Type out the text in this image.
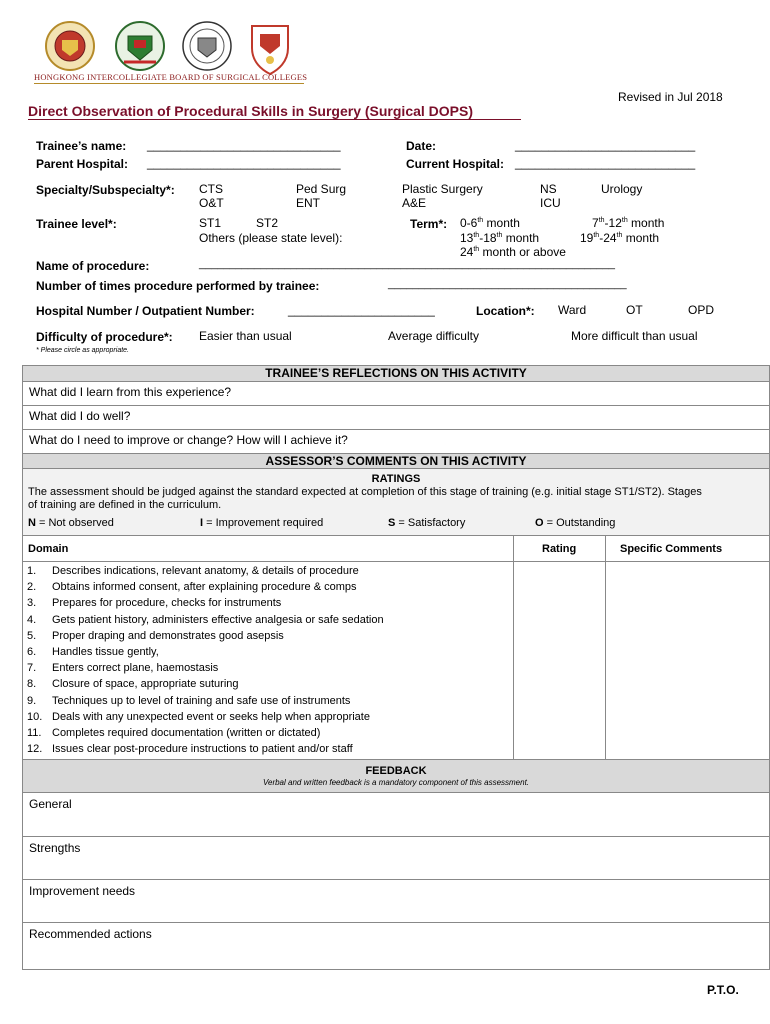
HONGKONG INTERCOLLEGIATE BOARD OF SURGICAL COLLEGES
Revised in Jul 2018
Direct Observation of Procedural Skills in Surgery (Surgical DOPS)
Trainee’s name: _____________________________	Date:	___________________________
Parent Hospital: _____________________________	Current Hospital: ___________________________
Specialty/Subspecialty*: CTS	Ped Surg	Plastic Surgery	NS	Urology
O&T	ENT	A&E	ICU
Trainee level*:	ST1	ST2
Others (please state level):
Term*: 0-6th month	7th-12th month
13th-18th month	19th-24th month
24th month or above
Name of procedure:	____________________________________________________________________
Number of times procedure performed by trainee:	_______________________________________
Hospital Number / Outpatient Number:	______________________	Location*: Ward	OT	OPD
Difficulty of procedure*: Easier than usual	Average difficulty	More difficult than usual
* Please circle as appropriate.
TRAINEE’S REFLECTIONS ON THIS ACTIVITY
What did I learn from this experience?
What did I do well?
What do I need to improve or change? How will I achieve it?
ASSESSOR’S COMMENTS ON THIS ACTIVITY
RATINGS
The assessment should be judged against the standard expected at completion of this stage of training (e.g. initial stage ST1/ST2). Stages
of training are defined in the curriculum.
N = Not observed	I = Improvement required	S = Satisfactory	O = Outstanding
Domain	Rating	Specific Comments
1. Describes indications, relevant anatomy, & details of procedure
2. Obtains informed consent, after explaining procedure & comps
3. Prepares for procedure, checks for instruments
4. Gets patient history, administers effective analgesia or safe sedation
5. Proper draping and demonstrates good asepsis
6. Handles tissue gently,
7. Enters correct plane, haemostasis
8. Closure of space, appropriate suturing
9. Techniques up to level of training and safe use of instruments
10. Deals with any unexpected event or seeks help when appropriate
11. Completes required documentation (written or dictated)
12. Issues clear post-procedure instructions to patient and/or staff
FEEDBACK
Verbal and written feedback is a mandatory component of this assessment.
General
Strengths
Improvement needs
Recommended actions
P.T.O.
